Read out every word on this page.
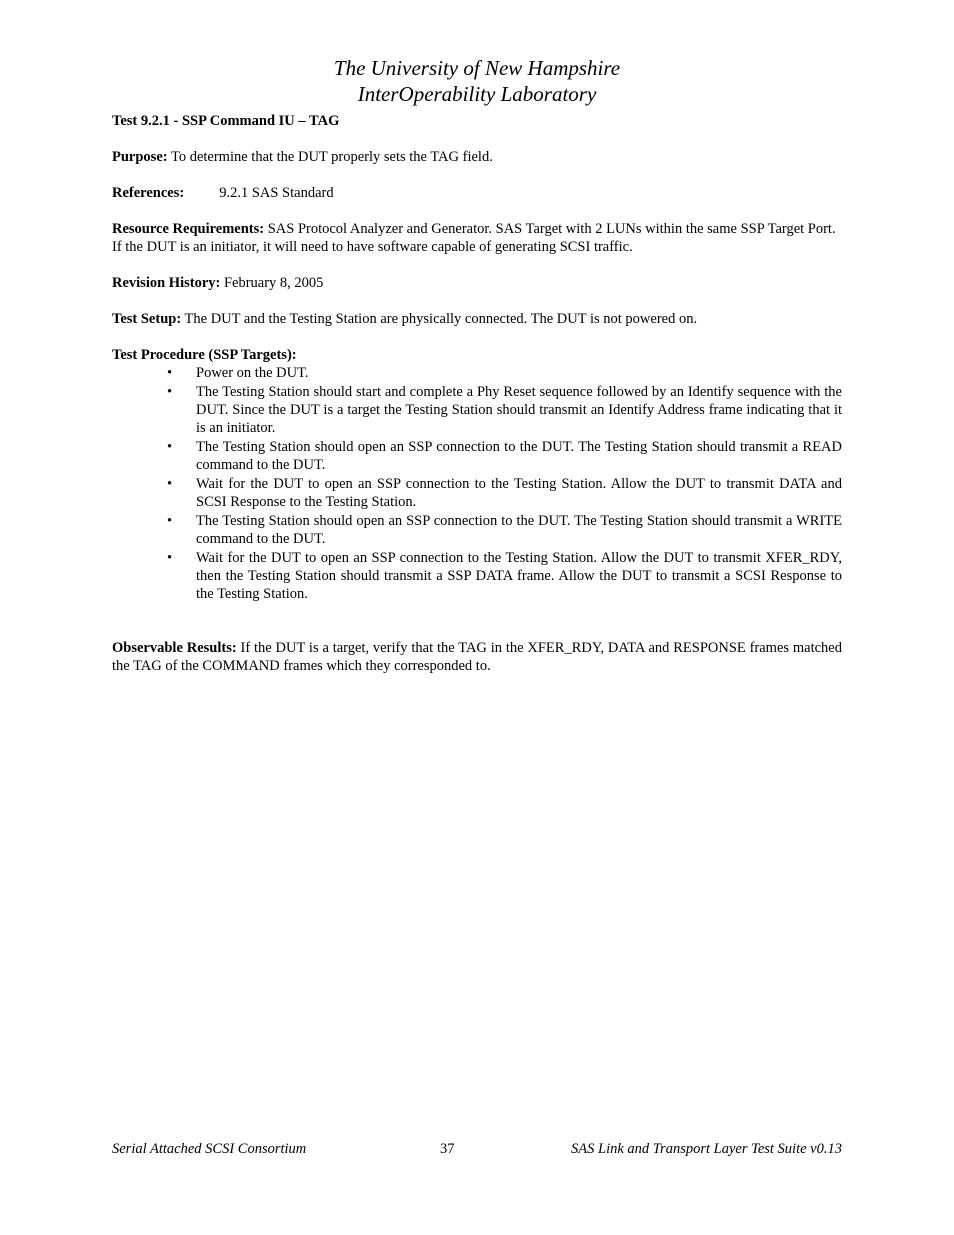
The University of New Hampshire
InterOperability Laboratory

Test 9.2.1 - SSP Command IU – TAG

Purpose: To determine that the DUT properly sets the TAG field.

References: 9.2.1 SAS Standard

Resource Requirements: SAS Protocol Analyzer and Generator. SAS Target with 2 LUNs within the same SSP Target Port. If the DUT is an initiator, it will need to have software capable of generating SCSI traffic.

Revision History: February 8, 2005

Test Setup: The DUT and the Testing Station are physically connected. The DUT is not powered on.

Test Procedure (SSP Targets):

• Power on the DUT.
• The Testing Station should start and complete a Phy Reset sequence followed by an Identify sequence with the DUT. Since the DUT is a target the Testing Station should transmit an Identify Address frame indicating that it is an initiator.
• The Testing Station should open an SSP connection to the DUT. The Testing Station should transmit a READ command to the DUT.
• Wait for the DUT to open an SSP connection to the Testing Station. Allow the DUT to transmit DATA and SCSI Response to the Testing Station.
• The Testing Station should open an SSP connection to the DUT. The Testing Station should transmit a WRITE command to the DUT.
• Wait for the DUT to open an SSP connection to the Testing Station. Allow the DUT to transmit XFER_RDY, then the Testing Station should transmit a SSP DATA frame. Allow the DUT to transmit a SCSI Response to the Testing Station.

Observable Results: If the DUT is a target, verify that the TAG in the XFER_RDY, DATA and RESPONSE frames matched the TAG of the COMMAND frames which they corresponded to.

Serial Attached SCSI Consortium	37	SAS Link and Transport Layer Test Suite v0.13
